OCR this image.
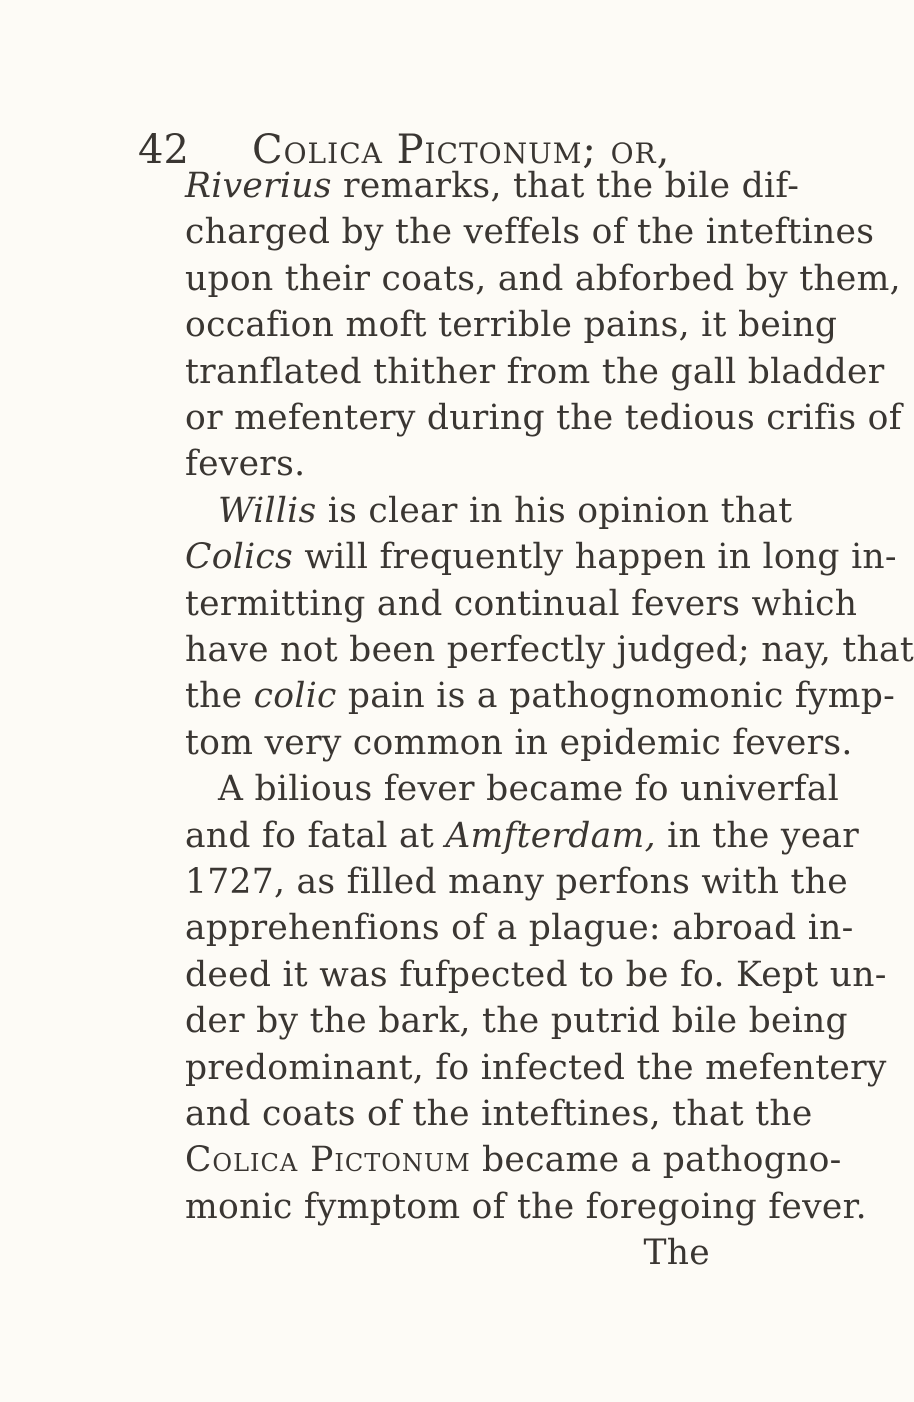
42 Colica Pictonum; or,
Riverius remarks, that the bile dif-
charged by the veffels of the inteftines
upon their coats, and abforbed by them,
occafion moft terrible pains, it being
tranflated thither from the gall bladder
or mefentery during the tedious crifis of
fevers.
Willis is clear in his opinion that
Colics will frequently happen in long in-
termitting and continual fevers which
have not been perfectly judged; nay, that
the colic pain is a pathognomonic fymp-
tom very common in epidemic fevers.
A bilious fever became fo univerfal
and fo fatal at Amfterdam, in the year
1727, as filled many perfons with the
apprehenfions of a plague: abroad in-
deed it was fufpected to be fo. Kept un-
der by the bark, the putrid bile being
predominant, fo infected the mefentery
and coats of the inteftines, that the
Colica Pictonum became a pathogno-
monic fymptom of the foregoing fever.
The
